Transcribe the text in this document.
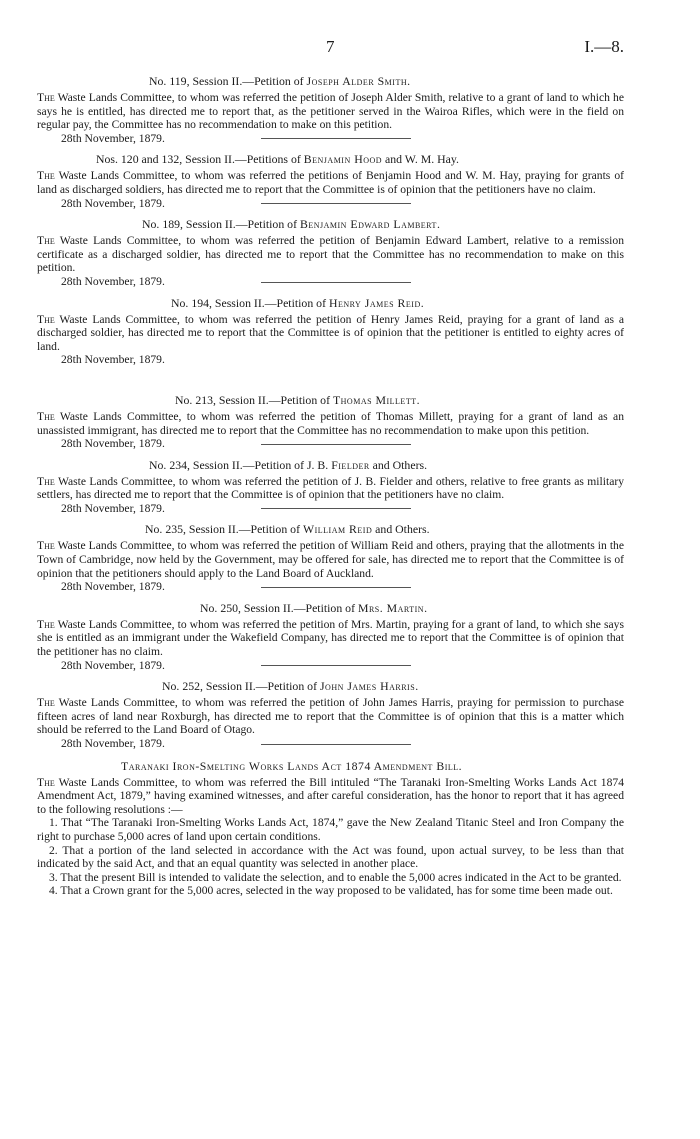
7	I.—8.
No. 119, Session II.—Petition of Joseph Alder Smith.

The Waste Lands Committee, to whom was referred the petition of Joseph Alder Smith, relative to a grant of land to which he says he is entitled, has directed me to report that, as the petitioner served in the Wairoa Rifles, which were in the field on regular pay, the Committee has no recommendation to make on this petition.

28th November, 1879.

Nos. 120 and 132, Session II.—Petitions of Benjamin Hood and W. M. Hay.

The Waste Lands Committee, to whom was referred the petitions of Benjamin Hood and W. M. Hay, praying for grants of land as discharged soldiers, has directed me to report that the Committee is of opinion that the petitioners have no claim.

28th November, 1879.

No. 189, Session II.—Petition of Benjamin Edward Lambert.

The Waste Lands Committee, to whom was referred the petition of Benjamin Edward Lambert, relative to a remission certificate as a discharged soldier, has directed me to report that the Committee has no recommendation to make on this petition.

28th November, 1879.

No. 194, Session II.—Petition of Henry James Reid.

The Waste Lands Committee, to whom was referred the petition of Henry James Reid, praying for a grant of land as a discharged soldier, has directed me to report that the Committee is of opinion that the petitioner is entitled to eighty acres of land.

28th November, 1879.

No. 213, Session II.—Petition of Thomas Millett.

The Waste Lands Committee, to whom was referred the petition of Thomas Millett, praying for a grant of land as an unassisted immigrant, has directed me to report that the Committee has no recommendation to make upon this petition.

28th November, 1879.

No. 234, Session II.—Petition of J. B. Fielder and Others.

The Waste Lands Committee, to whom was referred the petition of J. B. Fielder and others, relative to free grants as military settlers, has directed me to report that the Committee is of opinion that the petitioners have no claim.

28th November, 1879.

No. 235, Session II.—Petition of William Reid and Others.

The Waste Lands Committee, to whom was referred the petition of William Reid and others, praying that the allotments in the Town of Cambridge, now held by the Government, may be offered for sale, has directed me to report that the Committee is of opinion that the petitioners should apply to the Land Board of Auckland.

28th November, 1879.

No. 250, Session II.—Petition of Mrs. Martin.

The Waste Lands Committee, to whom was referred the petition of Mrs. Martin, praying for a grant of land, to which she says she is entitled as an immigrant under the Wakefield Company, has directed me to report that the Committee is of opinion that the petitioner has no claim.

28th November, 1879.

No. 252, Session II.—Petition of John James Harris.

The Waste Lands Committee, to whom was referred the petition of John James Harris, praying for permission to purchase fifteen acres of land near Roxburgh, has directed me to report that the Committee is of opinion that this is a matter which should be referred to the Land Board of Otago.

28th November, 1879.

Taranaki Iron-Smelting Works Lands Act 1874 Amendment Bill.

The Waste Lands Committee, to whom was referred the Bill intituled “The Taranaki Iron-Smelting Works Lands Act 1874 Amendment Act, 1879,” having examined witnesses, and after careful consideration, has the honor to report that it has agreed to the following resolutions :—

1. That “The Taranaki Iron-Smelting Works Lands Act, 1874,” gave the New Zealand Titanic Steel and Iron Company the right to purchase 5,000 acres of land upon certain conditions.

2. That a portion of the land selected in accordance with the Act was found, upon actual survey, to be less than that indicated by the said Act, and that an equal quantity was selected in another place.

3. That the present Bill is intended to validate the selection, and to enable the 5,000 acres indicated in the Act to be granted.

4. That a Crown grant for the 5,000 acres, selected in the way proposed to be validated, has for some time been made out.
